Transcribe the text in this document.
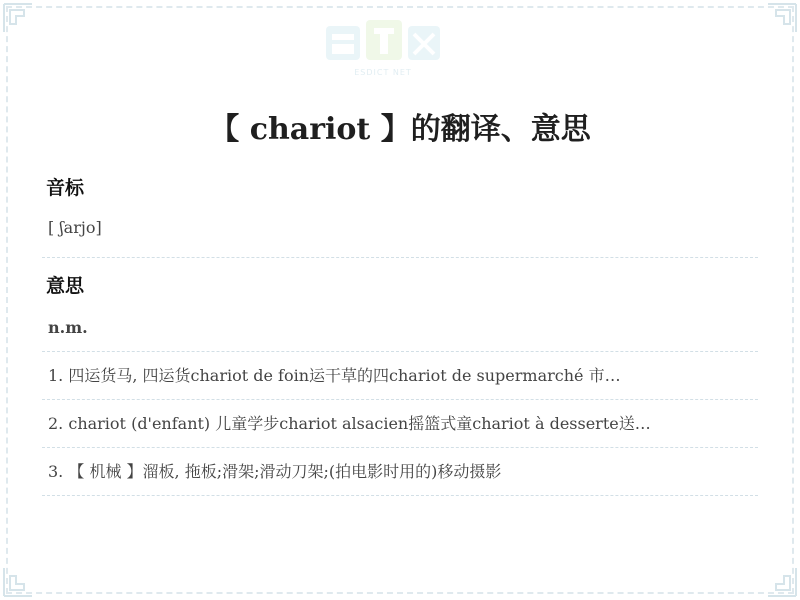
ESDICT NET
【 chariot 】的翻译、意思
音标
[ ʃarjo]
意思
n.m.
1. 四运货马, 四运货chariot de foin运干草的四chariot de supermarché 市…
2. chariot (d'enfant) 儿童学步chariot alsacien摇篮式童chariot à desserte送…
3. 【 机械 】溜板, 拖板;滑架;滑动刀架;(拍电影时用的)移动摄影
